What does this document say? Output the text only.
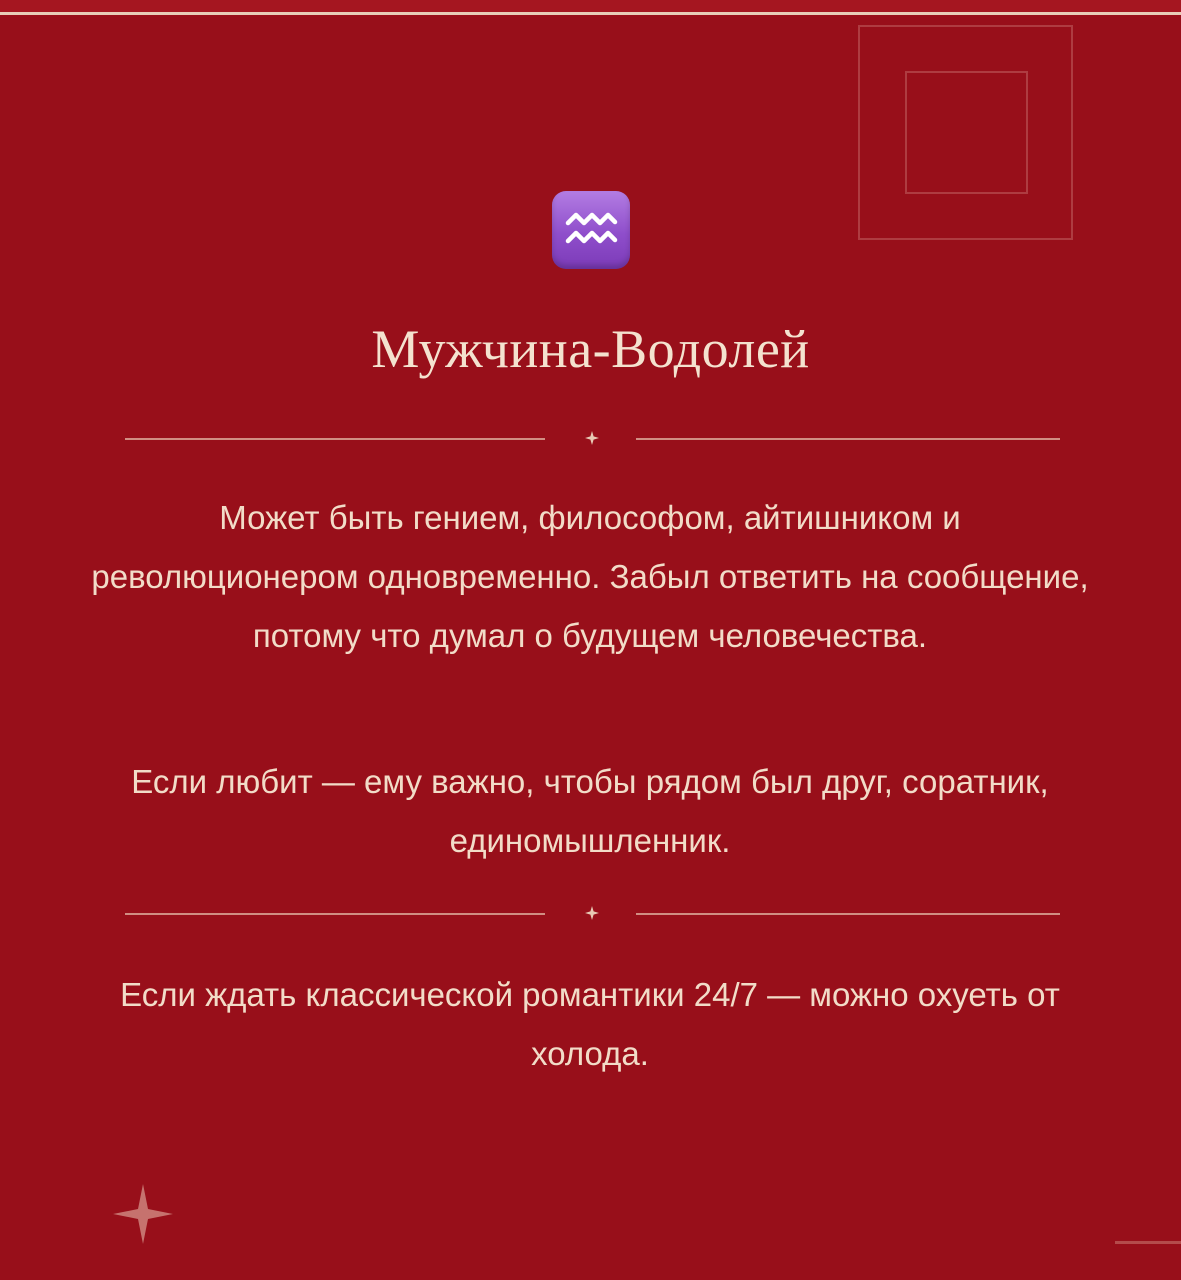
Мужчина-Водолей

Может быть гением, философом, айтишником и революционером одновременно. Забыл ответить на сообщение, потому что думал о будущем человечества.

Если любит — ему важно, чтобы рядом был друг, соратник, единомышленник.

Если ждать классической романтики 24/7 — можно охуеть от холода.
